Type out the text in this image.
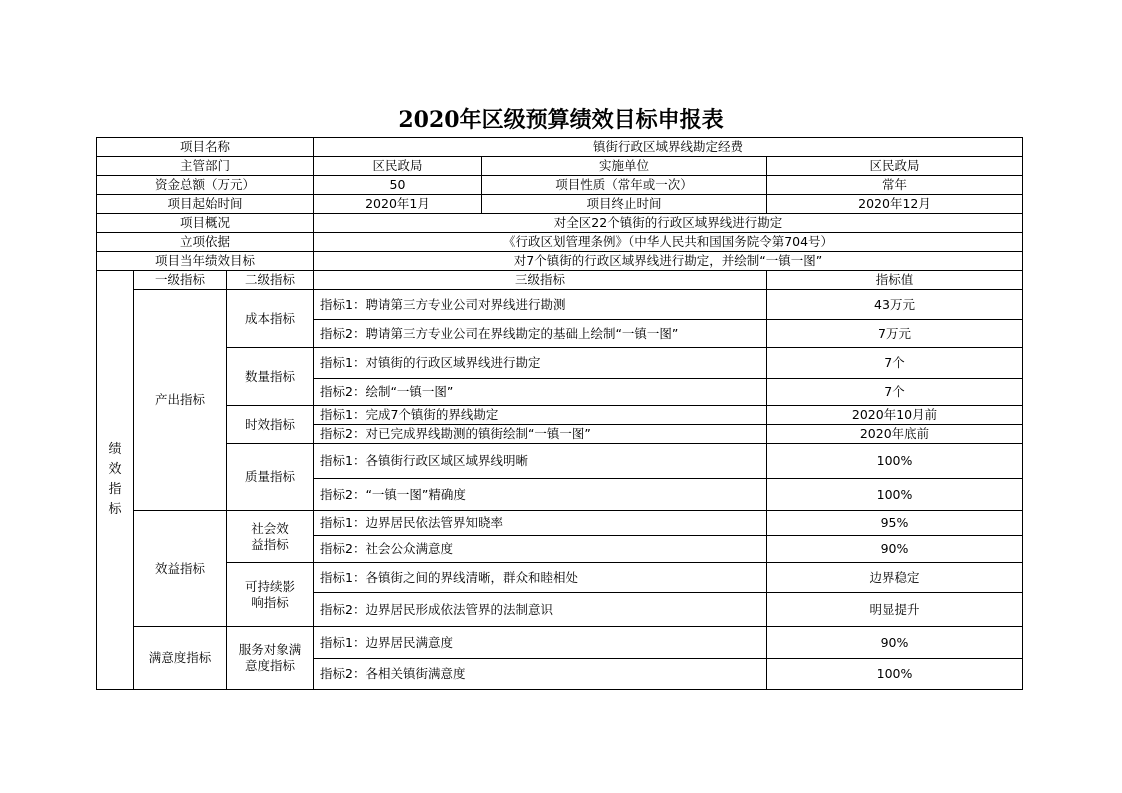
2020年区级预算绩效目标申报表
项目名称			镇街行政区域界线勘定经费		
主管部门			区民政局	实施单位	区民政局
资金总额（万元）			50	项目性质（常年或一次）	常年
项目起始时间			2020年1月	项目终止时间	2020年12月
项目概况			对全区22个镇街的行政区域界线进行勘定		
立项依据			《行政区划管理条例》（中华人民共和国国务院令第704号）		
项目当年绩效目标			对7个镇街的行政区域界线进行勘定，并绘制“一镇一图”		
绩效指标	一级指标	二级指标	三级指标		指标值
	产出指标	成本指标	指标1：聘请第三方专业公司对界线进行勘测		43万元
			指标2：聘请第三方专业公司在界线勘定的基础上绘制“一镇一图”		7万元
		数量指标	指标1：对镇街的行政区域界线进行勘定		7个
			指标2：绘制“一镇一图”		7个
		时效指标	指标1：完成7个镇街的界线勘定		2020年10月前
			指标2：对已完成界线勘测的镇街绘制“一镇一图”		2020年底前
		质量指标	指标1：各镇街行政区域区域界线明晰		100%
			指标2：“一镇一图”精确度		100%
	效益指标	社会效益指标	指标1：边界居民依法管界知晓率		95%
			指标2：社会公众满意度		90%
		可持续影响指标	指标1：各镇街之间的界线清晰，群众和睦相处		边界稳定
			指标2：边界居民形成依法管界的法制意识		明显提升
	满意度指标	服务对象满意度指标	指标1：边界居民满意度		90%
			指标2：各相关镇街满意度		100%
